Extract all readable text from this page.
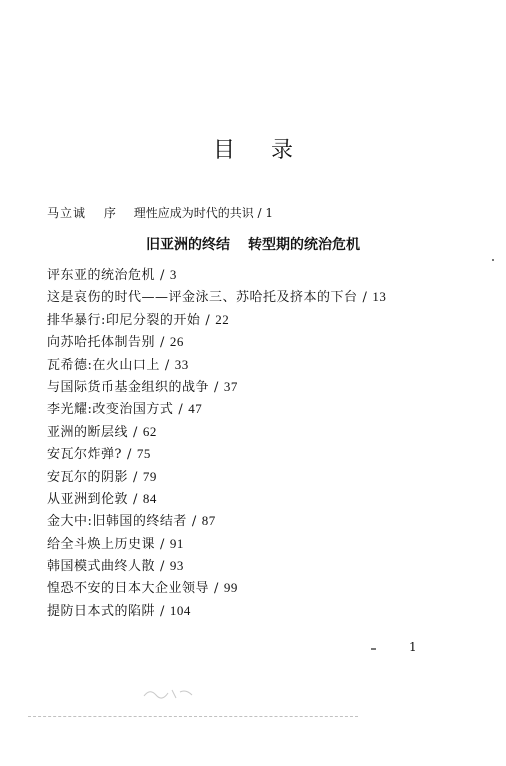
目 录
马立诚 序 理性应成为时代的共识 / 1
旧亚洲的终结 转型期的统治危机
评东亚的统治危机 / 3
这是哀伤的时代——评金泳三、苏哈托及挤本的下台 / 13
排华暴行:印尼分裂的开始 / 22
向苏哈托体制告别 / 26
瓦希德:在火山口上 / 33
与国际货币基金组织的战争 / 37
李光耀:改变治国方式 / 47
亚洲的断层线 / 62
安瓦尔炸弹? / 75
安瓦尔的阴影 / 79
从亚洲到伦敦 / 84
金大中:旧韩国的终结者 / 87
给全斗焕上历史课 / 91
韩国模式曲终人散 / 93
惶恐不安的日本大企业领导 / 99
提防日本式的陷阱 / 104
1
